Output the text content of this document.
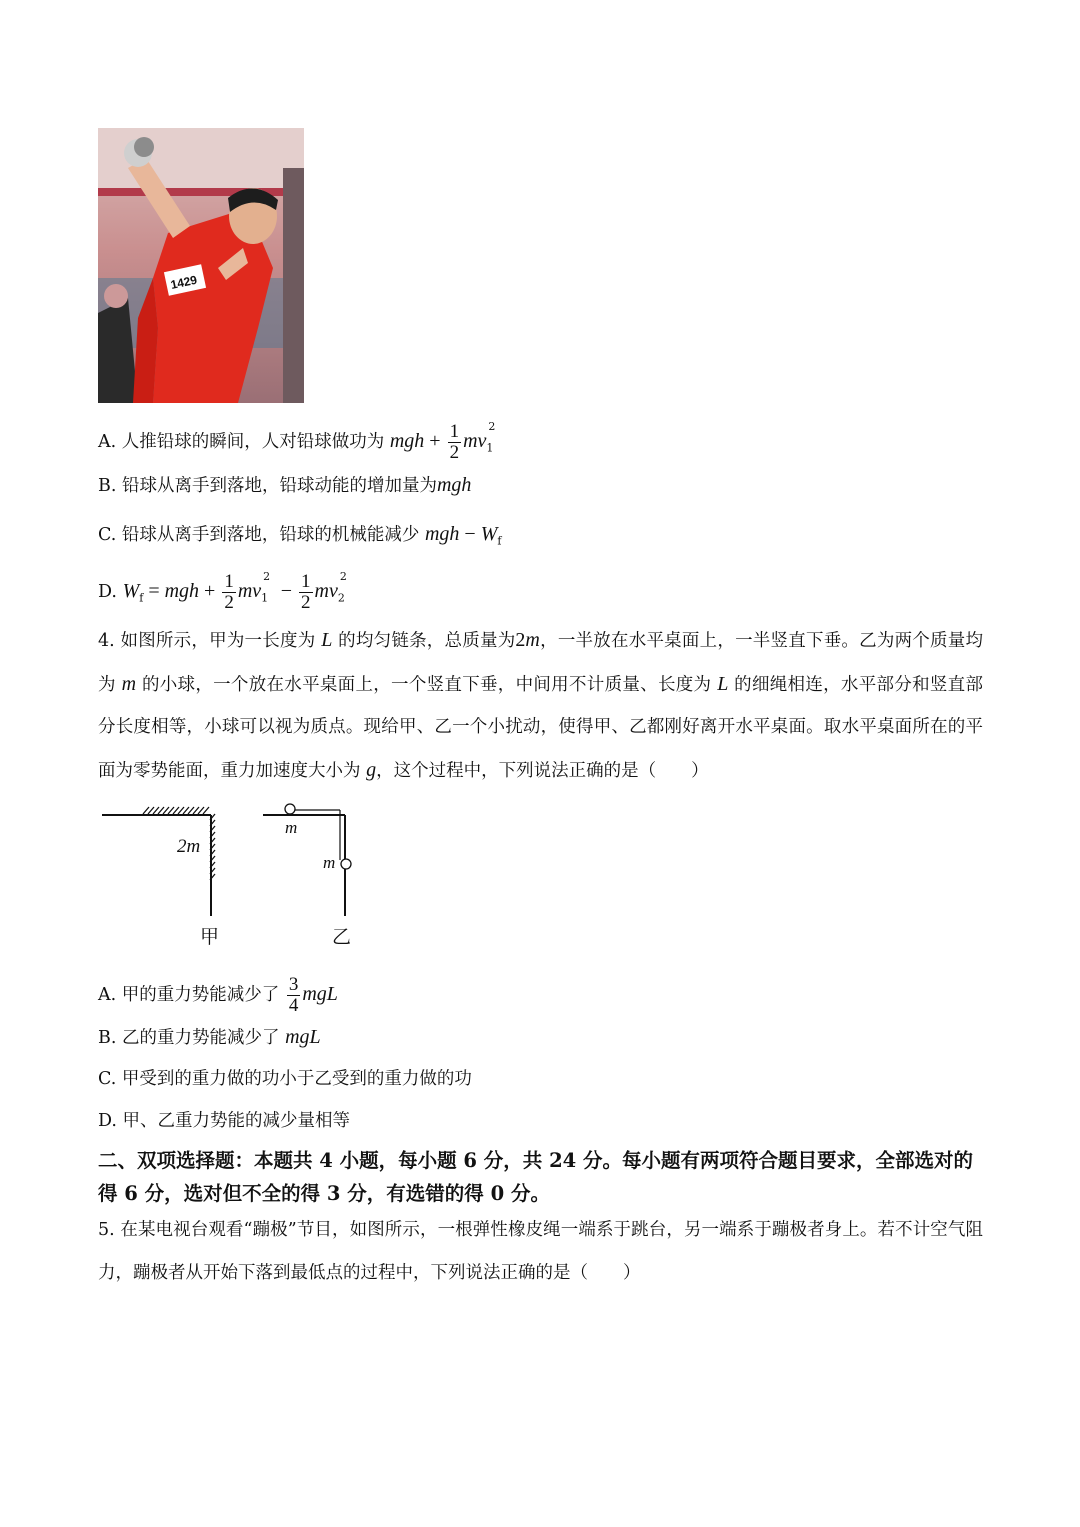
1429
A. 人推铅球的瞬间，人对铅球做功为 mgh + $\frac{1}{2} mv_1^2$
B. 铅球从离手到落地，铅球动能的增加量为mgh
C. 铅球从离手到落地，铅球的机械能减少 mgh − $W_f$
D. $W_f$ = mgh + $\frac{1}{2} mv_1^2 - \frac{1}{2} mv_2^2$
4. 如图所示，甲为一长度为 L 的均匀链条，总质量为2m，一半放在水平桌面上，一半竖直下垂。乙为两个质量均为 m 的小球，一个放在水平桌面上，一个竖直下垂，中间用不计质量、长度为 L 的细绳相连，水平部分和竖直部分长度相等，小球可以视为质点。现给甲、乙一个小扰动，使得甲、乙都刚好离开水平桌面。取水平桌面所在的平面为零势能面，重力加速度大小为 g，这个过程中，下列说法正确的是（　　）
2m
m
m
甲	乙
A. 甲的重力势能减少了 $\frac{3}{4}$ mgL
B. 乙的重力势能减少了 mgL
C. 甲受到的重力做的功小于乙受到的重力做的功
D. 甲、乙重力势能的减少量相等
二、双项选择题：本题共 4 小题，每小题 6 分，共 24 分。每小题有两项符合题目要求，全部选对的得 6 分，选对但不全的得 3 分，有选错的得 0 分。
5. 在某电视台观看“蹦极”节目，如图所示，一根弹性橡皮绳一端系于跳台，另一端系于蹦极者身上。若不计空气阻力，蹦极者从开始下落到最低点的过程中，下列说法正确的是（　　）
